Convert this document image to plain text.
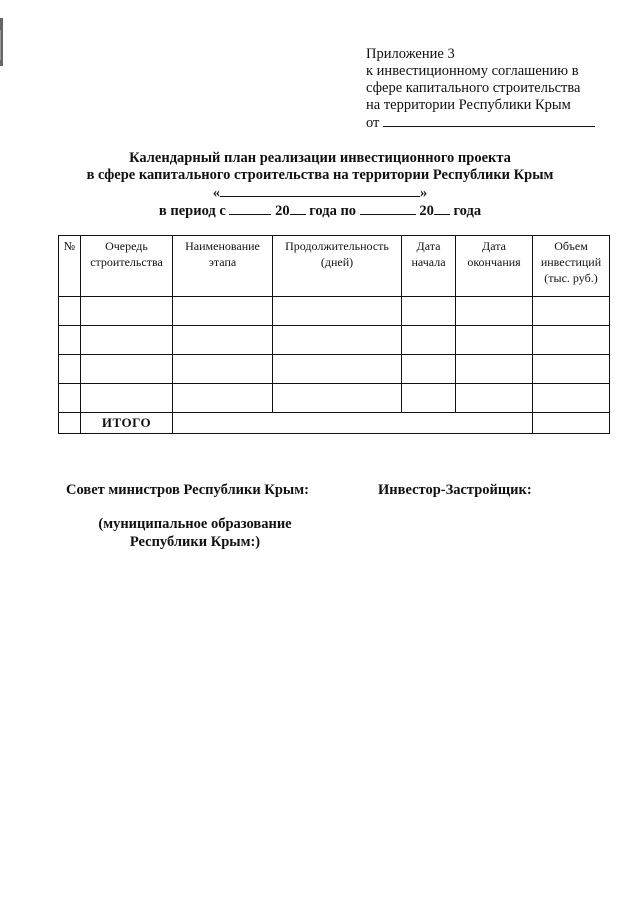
Приложение 3
к инвестиционному соглашению в
сфере капитального строительства
на территории Республики Крым
от
Календарный план реализации инвестиционного проекта
в сфере капитального строительства на территории Республики Крым
«	»
в период с	20 года по	20 года
№	Очередь строительства	Наименование этапа	Продолжительность (дней)	Дата начала	Дата окончания	Объем инвестиций (тыс. руб.)

	ИТОГО					
Совет министров Республики Крым:	Инвестор-Застройщик:
(муниципальное образование
Республики Крым:)
